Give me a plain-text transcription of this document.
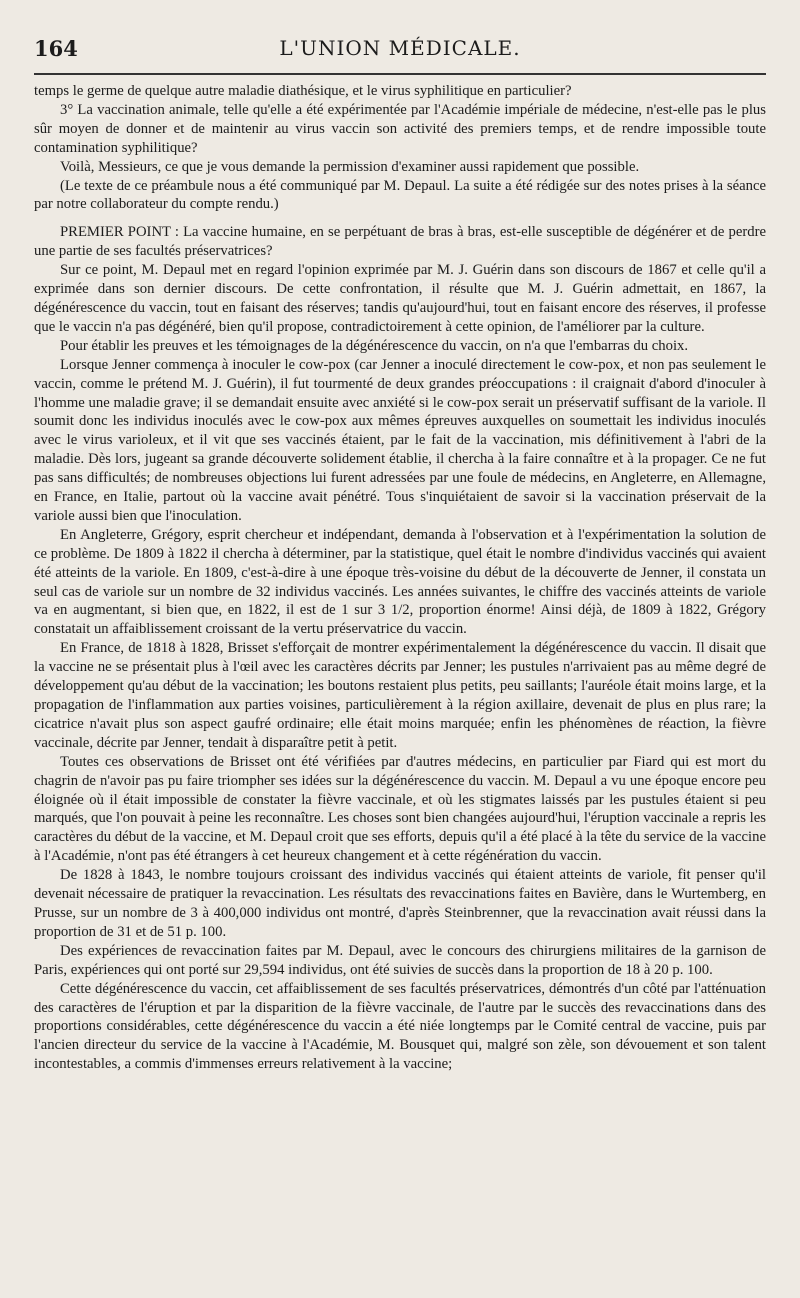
164	L'UNION MÉDICALE.

temps le germe de quelque autre maladie diathésique, et le virus syphilitique en particulier?

3° La vaccination animale, telle qu'elle a été expérimentée par l'Académie impériale de médecine, n'est-elle pas le plus sûr moyen de donner et de maintenir au virus vaccin son activité des premiers temps, et de rendre impossible toute contamination syphilitique?

Voilà, Messieurs, ce que je vous demande la permission d'examiner aussi rapidement que possible.

(Le texte de ce préambule nous a été communiqué par M. Depaul. La suite a été rédigée sur des notes prises à la séance par notre collaborateur du compte rendu.)

PREMIER POINT : La vaccine humaine, en se perpétuant de bras à bras, est-elle susceptible de dégénérer et de perdre une partie de ses facultés préservatrices?

Sur ce point, M. Depaul met en regard l'opinion exprimée par M. J. Guérin dans son discours de 1867 et celle qu'il a exprimée dans son dernier discours. De cette confrontation, il résulte que M. J. Guérin admettait, en 1867, la dégénérescence du vaccin, tout en faisant des réserves; tandis qu'aujourd'hui, tout en faisant encore des réserves, il professe que le vaccin n'a pas dégénéré, bien qu'il propose, contradictoirement à cette opinion, de l'améliorer par la culture.

Pour établir les preuves et les témoignages de la dégénérescence du vaccin, on n'a que l'embarras du choix.

Lorsque Jenner commença à inoculer le cow-pox (car Jenner a inoculé directement le cow-pox, et non pas seulement le vaccin, comme le prétend M. J. Guérin), il fut tourmenté de deux grandes préoccupations : il craignait d'abord d'inoculer à l'homme une maladie grave; il se demandait ensuite avec anxiété si le cow-pox serait un préservatif suffisant de la variole. Il soumit donc les individus inoculés avec le cow-pox aux mêmes épreuves auxquelles on soumettait les individus inoculés avec le virus varioleux, et il vit que ses vaccinés étaient, par le fait de la vaccination, mis définitivement à l'abri de la maladie. Dès lors, jugeant sa grande découverte solidement établie, il chercha à la faire connaître et à la propager. Ce ne fut pas sans difficultés; de nombreuses objections lui furent adressées par une foule de médecins, en Angleterre, en Allemagne, en France, en Italie, partout où la vaccine avait pénétré. Tous s'inquiétaient de savoir si la vaccination préservait de la variole aussi bien que l'inoculation.

En Angleterre, Grégory, esprit chercheur et indépendant, demanda à l'observation et à l'expérimentation la solution de ce problème. De 1809 à 1822 il chercha à déterminer, par la statistique, quel était le nombre d'individus vaccinés qui avaient été atteints de la variole. En 1809, c'est-à-dire à une époque très-voisine du début de la découverte de Jenner, il constata un seul cas de variole sur un nombre de 32 individus vaccinés. Les années suivantes, le chiffre des vaccinés atteints de variole va en augmentant, si bien que, en 1822, il est de 1 sur 3 1/2, proportion énorme! Ainsi déjà, de 1809 à 1822, Grégory constatait un affaiblissement croissant de la vertu préservatrice du vaccin.

En France, de 1818 à 1828, Brisset s'efforçait de montrer expérimentalement la dégénérescence du vaccin. Il disait que la vaccine ne se présentait plus à l'œil avec les caractères décrits par Jenner; les pustules n'arrivaient pas au même degré de développement qu'au début de la vaccination; les boutons restaient plus petits, peu saillants; l'auréole était moins large, et la propagation de l'inflammation aux parties voisines, particulièrement à la région axillaire, devenait de plus en plus rare; la cicatrice n'avait plus son aspect gaufré ordinaire; elle était moins marquée; enfin les phénomènes de réaction, la fièvre vaccinale, décrite par Jenner, tendait à disparaître petit à petit.

Toutes ces observations de Brisset ont été vérifiées par d'autres médecins, en particulier par Fiard qui est mort du chagrin de n'avoir pas pu faire triompher ses idées sur la dégénérescence du vaccin. M. Depaul a vu une époque encore peu éloignée où il était impossible de constater la fièvre vaccinale, et où les stigmates laissés par les pustules étaient si peu marqués, que l'on pouvait à peine les reconnaître. Les choses sont bien changées aujourd'hui, l'éruption vaccinale a repris les caractères du début de la vaccine, et M. Depaul croit que ses efforts, depuis qu'il a été placé à la tête du service de la vaccine à l'Académie, n'ont pas été étrangers à cet heureux changement et à cette régénération du vaccin.

De 1828 à 1843, le nombre toujours croissant des individus vaccinés qui étaient atteints de variole, fit penser qu'il devenait nécessaire de pratiquer la revaccination. Les résultats des revaccinations faites en Bavière, dans le Wurtemberg, en Prusse, sur un nombre de 3 à 400,000 individus ont montré, d'après Steinbrenner, que la revaccination avait réussi dans la proportion de 31 et de 51 p. 100.

Des expériences de revaccination faites par M. Depaul, avec le concours des chirurgiens militaires de la garnison de Paris, expériences qui ont porté sur 29,594 individus, ont été suivies de succès dans la proportion de 18 à 20 p. 100.

Cette dégénérescence du vaccin, cet affaiblissement de ses facultés préservatrices, démontrés d'un côté par l'atténuation des caractères de l'éruption et par la disparition de la fièvre vaccinale, de l'autre par le succès des revaccinations dans des proportions considérables, cette dégénérescence du vaccin a été niée longtemps par le Comité central de vaccine, puis par l'ancien directeur du service de la vaccine à l'Académie, M. Bousquet qui, malgré son zèle, son dévouement et son talent incontestables, a commis d'immenses erreurs relativement à la vaccine;
